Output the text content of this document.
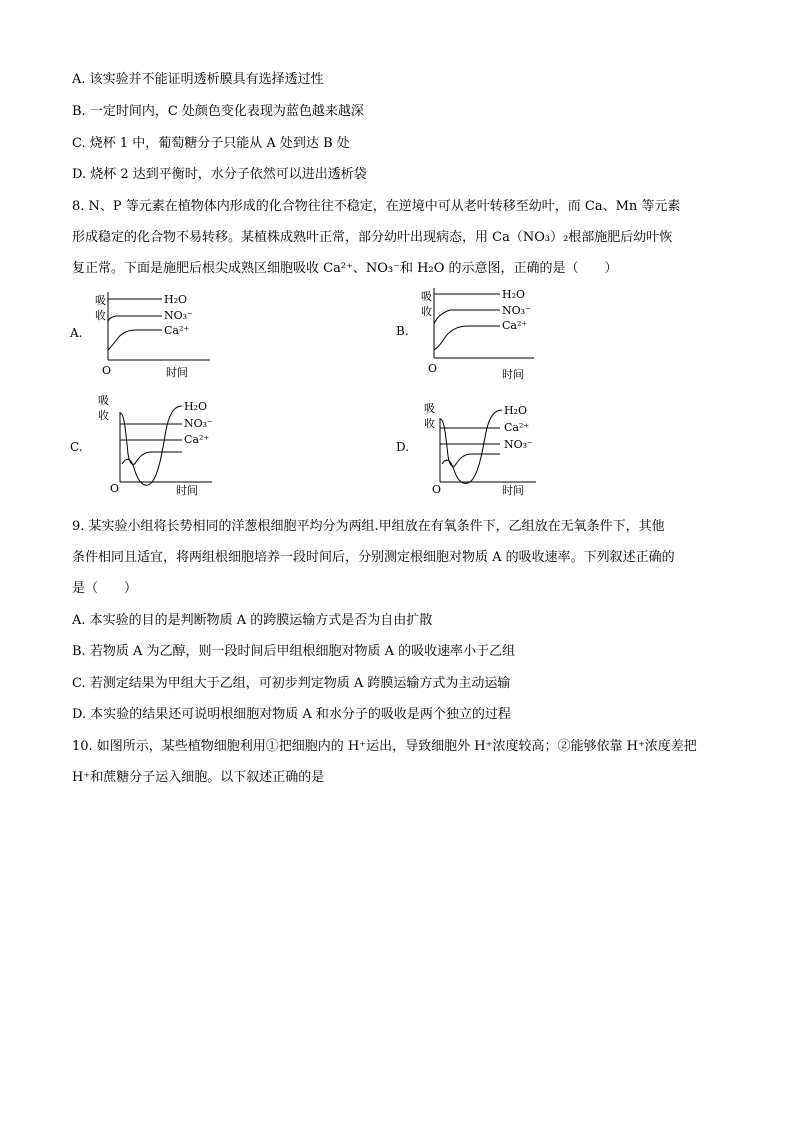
A. 该实验并不能证明透析膜具有选择透过性
B. 一定时间内，C 处颜色变化表现为蓝色越来越深
C. 烧杯 1 中，葡萄糖分子只能从 A 处到达 B 处
D. 烧杯 2 达到平衡时，水分子依然可以进出透析袋
8. N、P 等元素在植物体内形成的化合物往往不稳定，在逆境中可从老叶转移至幼叶，而 Ca、Mn 等元素
形成稳定的化合物不易转移。某植株成熟叶正常，部分幼叶出现病态，用 Ca（NO₃）₂根部施肥后幼叶恢
复正常。下面是施肥后根尖成熟区细胞吸收 Ca²⁺、NO₃⁻和 H₂O 的示意图，正确的是（　　）
A.	B.
C.	D.
吸
收
O	时间
H₂O
NO₃⁻
Ca²⁺
吸
收
O	时间
H₂O
NO₃⁻
Ca²⁺
吸
收
O	时间
H₂O
NO₃⁻
Ca²⁺
吸
收
O	时间
H₂O
Ca²⁺
NO₃⁻
9. 某实验小组将长势相同的洋葱根细胞平均分为两组.甲组放在有氧条件下，乙组放在无氧条件下，其他
条件相同且适宜，将两组根细胞培养一段时间后，分别测定根细胞对物质 A 的吸收速率。下列叙述正确的
是（　　）
A. 本实验的目的是判断物质 A 的跨膜运输方式是否为自由扩散
B. 若物质 A 为乙醇，则一段时间后甲组根细胞对物质 A 的吸收速率小于乙组
C. 若测定结果为甲组大于乙组，可初步判定物质 A 跨膜运输方式为主动运输
D. 本实验的结果还可说明根细胞对物质 A 和水分子的吸收是两个独立的过程
10. 如图所示，某些植物细胞利用①把细胞内的 H⁺运出，导致细胞外 H⁺浓度较高；②能够依靠 H⁺浓度差把
H⁺和蔗糖分子运入细胞。以下叙述正确的是
